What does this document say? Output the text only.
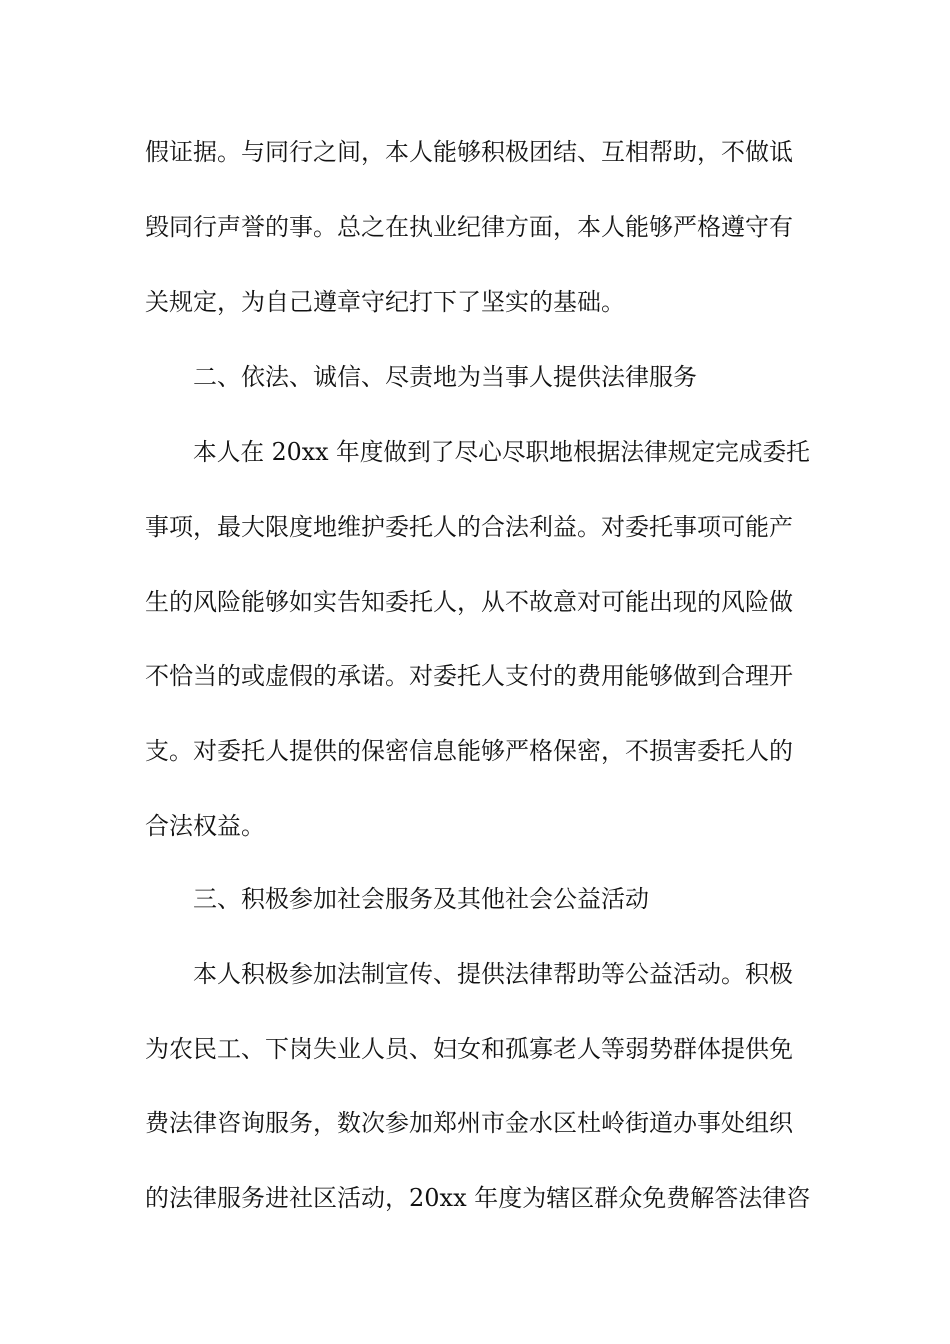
假证据。与同行之间，本人能够积极团结、互相帮助，不做诋
毁同行声誉的事。总之在执业纪律方面，本人能够严格遵守有
关规定，为自己遵章守纪打下了坚实的基础。
二、依法、诚信、尽责地为当事人提供法律服务
本人在 20xx 年度做到了尽心尽职地根据法律规定完成委托
事项，最大限度地维护委托人的合法利益。对委托事项可能产
生的风险能够如实告知委托人，从不故意对可能出现的风险做
不恰当的或虚假的承诺。对委托人支付的费用能够做到合理开
支。对委托人提供的保密信息能够严格保密，不损害委托人的
合法权益。
三、积极参加社会服务及其他社会公益活动
本人积极参加法制宣传、提供法律帮助等公益活动。积极
为农民工、下岗失业人员、妇女和孤寡老人等弱势群体提供免
费法律咨询服务，数次参加郑州市金水区杜岭街道办事处组织
的法律服务进社区活动，20xx 年度为辖区群众免费解答法律咨
